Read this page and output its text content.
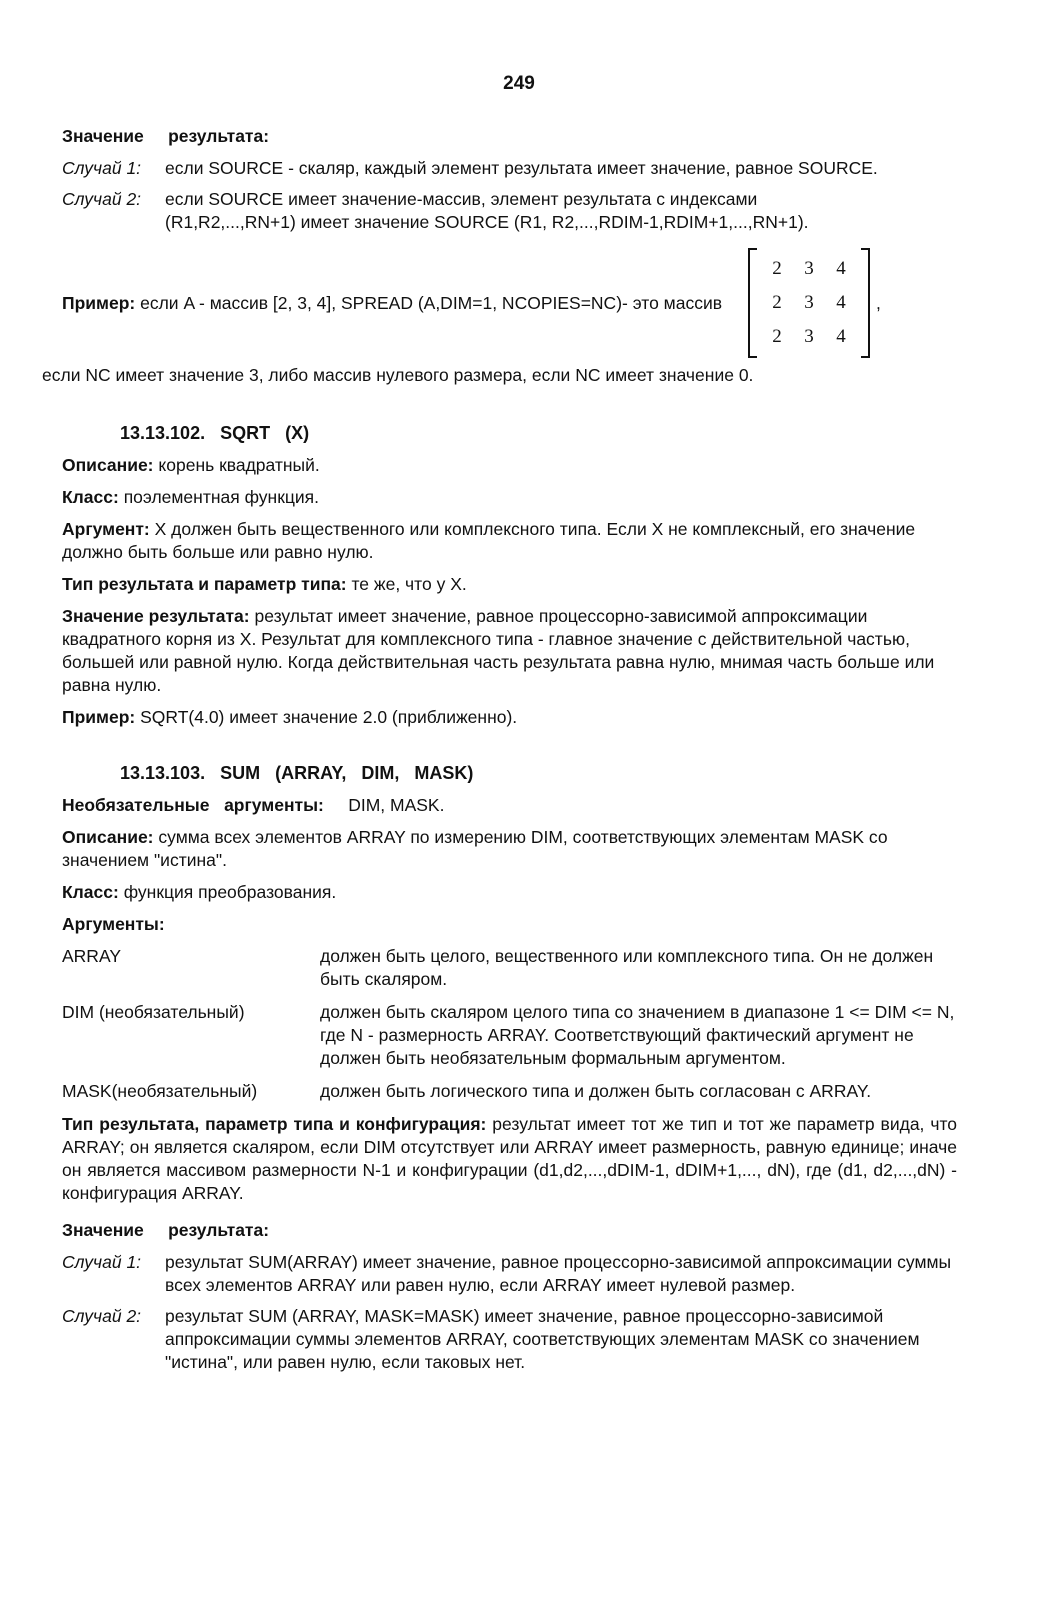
249
Значение     результата:
Случай 1:	если SOURCE - скаляр, каждый элемент результата имеет значение, равное SOURCE.
Случай 2:	если SOURCE имеет значение-массив, элемент результата с индексами
(R1,R2,...,RN+1) имеет значение SOURCE (R1, R2,...,RDIM-1,RDIM+1,...,RN+1).
Пример:
если A - массив [2, 3, 4], SPREAD (A,DIM=1, NCOPIES=NC)- это массив
2	3	4
2	3	4
2	3	4
,
если NC имеет значение 3, либо массив нулевого размера, если NC имеет значение 0.
13.13.102.   SQRT   (X)
Описание: корень квадратный.
Класс: поэлементная функция.
Аргумент: X должен быть вещественного или комплексного типа. Если X не комплексный, его значение должно быть больше или равно нулю.
Тип результата и параметр типа: те же, что у X.
Значение результата: результат имеет значение, равное процессорно-зависимой аппроксимации квадратного корня из X. Результат для комплексного типа - главное значение с действительной частью, большей или равной нулю. Когда действительная часть результата равна нулю, мнимая часть больше или равна нулю.
Пример: SQRT(4.0) имеет значение 2.0 (приближенно).
13.13.103.   SUM   (ARRAY,   DIM,   MASK)
Необязательные   аргументы: DIM, MASK.
Описание: сумма всех элементов ARRAY по измерению DIM, соответствующих элементам MASK со значением "истина".
Класс: функция преобразования.
Аргументы:
ARRAY	должен быть целого, вещественного или комплексного типа. Он не должен быть скаляром.
DIM (необязательный)	должен быть скаляром целого типа со значением в диапазоне 1 <= DIM <= N, где N - размерность ARRAY. Соответствующий фактический аргумент не должен быть необязательным формальным аргументом.
MASK(необязательный)	должен быть логического типа и должен быть согласован с ARRAY.
Тип результата, параметр типа и конфигурация: результат имеет тот же тип и тот же параметр вида, что ARRAY; он является скаляром, если DIM отсутствует или ARRAY имеет размерность, равную единице; иначе он является массивом размерности N-1 и конфигурации (d1,d2,...,dDIM-1, dDIM+1,..., dN), где (d1, d2,...,dN) - конфигурация ARRAY.
Значение     результата:
Случай 1:	результат SUM(ARRAY) имеет значение, равное процессорно-зависимой аппроксимации суммы всех элементов ARRAY или равен нулю, если ARRAY имеет нулевой размер.
Случай 2:	результат SUM (ARRAY, MASK=MASK) имеет значение, равное процессорно-зависимой аппроксимации суммы элементов ARRAY, соответствующих элементам MASK со значением "истина", или равен нулю, если таковых нет.
